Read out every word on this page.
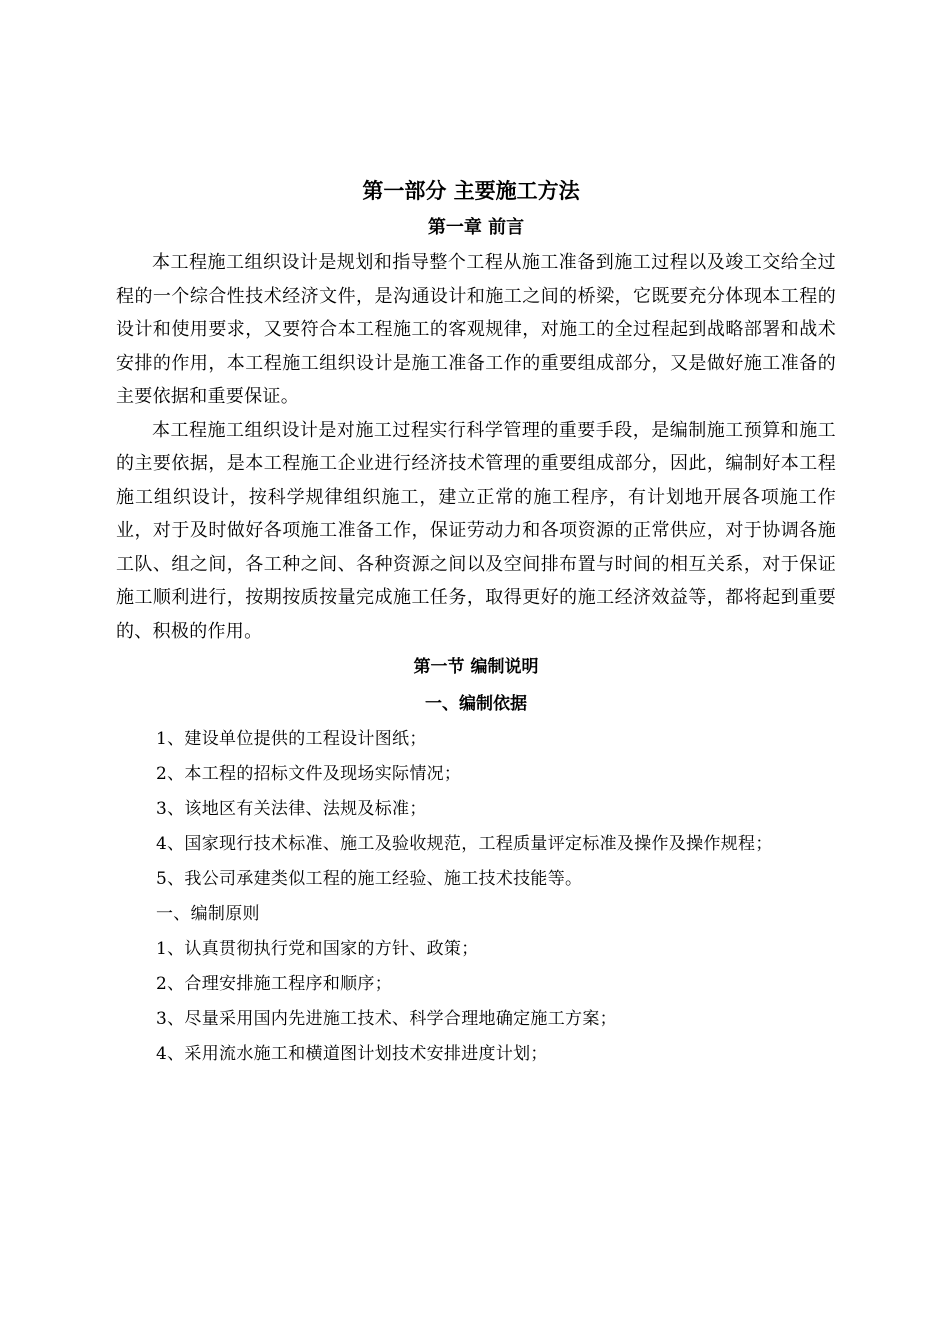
第一部分 主要施工方法
第一章 前言

本工程施工组织设计是规划和指导整个工程从施工准备到施工过程以及竣工交给全过程的一个综合性技术经济文件，是沟通设计和施工之间的桥梁，它既要充分体现本工程的设计和使用要求，又要符合本工程施工的客观规律，对施工的全过程起到战略部署和战术安排的作用，本工程施工组织设计是施工准备工作的重要组成部分，又是做好施工准备的主要依据和重要保证。

本工程施工组织设计是对施工过程实行科学管理的重要手段，是编制施工预算和施工的主要依据，是本工程施工企业进行经济技术管理的重要组成部分，因此，编制好本工程施工组织设计，按科学规律组织施工，建立正常的施工程序，有计划地开展各项施工作业，对于及时做好各项施工准备工作，保证劳动力和各项资源的正常供应，对于协调各施工队、组之间，各工种之间、各种资源之间以及空间排布置与时间的相互关系，对于保证施工顺利进行，按期按质按量完成施工任务，取得更好的施工经济效益等，都将起到重要的、积极的作用。

第一节 编制说明
一、编制依据

1、建设单位提供的工程设计图纸；

2、本工程的招标文件及现场实际情况；

3、该地区有关法律、法规及标准；

4、国家现行技术标准、施工及验收规范，工程质量评定标准及操作及操作规程；

5、我公司承建类似工程的施工经验、施工技术技能等。

一、编制原则

1、认真贯彻执行党和国家的方针、政策；

2、合理安排施工程序和顺序；

3、尽量采用国内先进施工技术、科学合理地确定施工方案；

4、采用流水施工和横道图计划技术安排进度计划；
